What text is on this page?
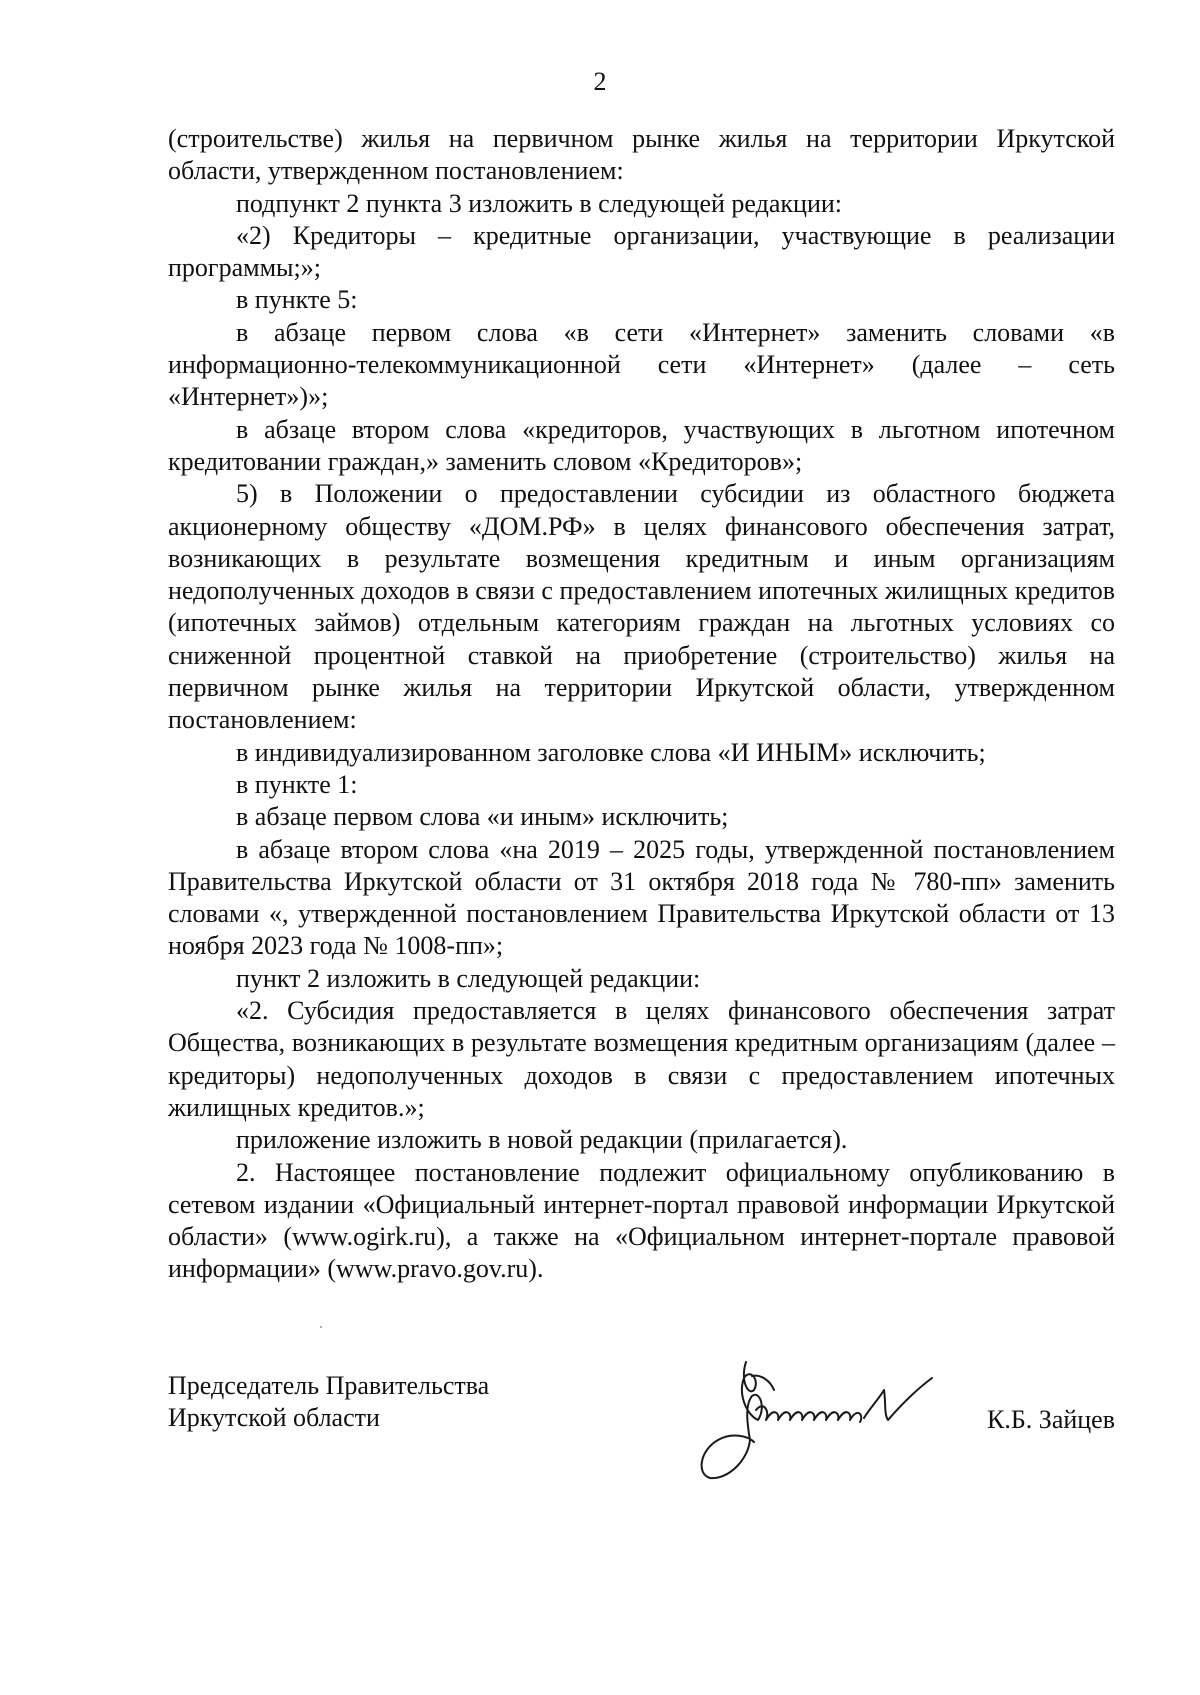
2

(строительстве) жилья на первичном рынке жилья на территории Иркутской области, утвержденном постановлением:

подпункт 2 пункта 3 изложить в следующей редакции:

«2) Кредиторы – кредитные организации, участвующие в реализации программы;»;

в пункте 5:

в абзаце первом слова «в сети «Интернет» заменить словами «в информационно-телекоммуникационной сети «Интернет» (далее – сеть «Интернет»)»;

в абзаце втором слова «кредиторов, участвующих в льготном ипотечном кредитовании граждан,» заменить словом «Кредиторов»;

5) в Положении о предоставлении субсидии из областного бюджета акционерному обществу «ДОМ.РФ» в целях финансового обеспечения затрат, возникающих в результате возмещения кредитным и иным организациям недополученных доходов в связи с предоставлением ипотечных жилищных кредитов (ипотечных займов) отдельным категориям граждан на льготных условиях со сниженной процентной ставкой на приобретение (строительство) жилья на первичном рынке жилья на территории Иркутской области, утвержденном постановлением:

в индивидуализированном заголовке слова «И ИНЫМ» исключить;

в пункте 1:

в абзаце первом слова «и иным» исключить;

в абзаце втором слова «на 2019 – 2025 годы, утвержденной постановлением Правительства Иркутской области от 31 октября 2018 года № 780-пп» заменить словами «, утвержденной постановлением Правительства Иркутской области от 13 ноября 2023 года № 1008-пп»;

пункт 2 изложить в следующей редакции:

«2. Субсидия предоставляется в целях финансового обеспечения затрат Общества, возникающих в результате возмещения кредитным организациям (далее – кредиторы) недополученных доходов в связи с предоставлением ипотечных жилищных кредитов.»;

приложение изложить в новой редакции (прилагается).

2. Настоящее постановление подлежит официальному опубликованию в сетевом издании «Официальный интернет-портал правовой информации Иркутской области» (www.ogirk.ru), а также на «Официальном интернет-портале правовой информации» (www.pravo.gov.ru).

Председатель Правительства
Иркутской области	К.Б. Зайцев
